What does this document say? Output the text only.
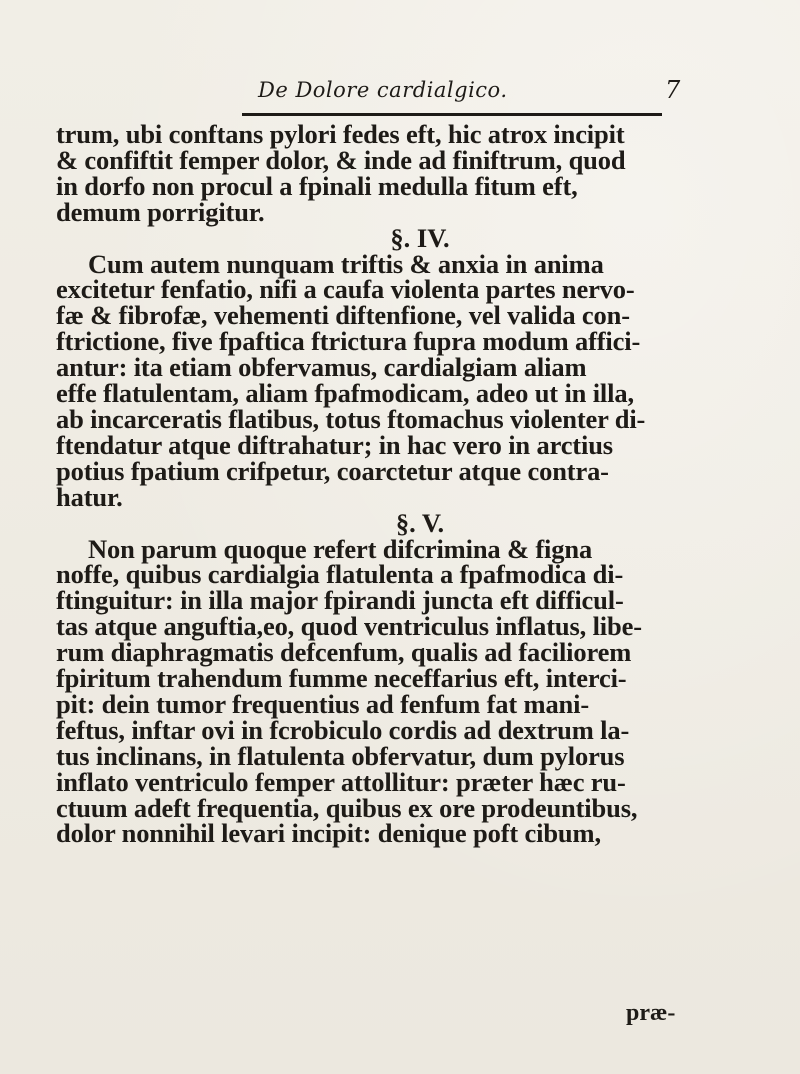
De Dolore cardialgico.	7
trum, ubi conftans pylori fedes eft, hic atrox incipit
& confiftit femper dolor, & inde ad finiftrum, quod
in dorfo non procul a fpinali medulla fitum eft,
demum porrigitur.
§. IV.
Cum autem nunquam triftis & anxia in anima
excitetur fenfatio, nifi a caufa violenta partes nervo-
fæ & fibrofæ, vehementi diftenfione, vel valida con-
ftrictione, five fpaftica ftrictura fupra modum affici-
antur: ita etiam obfervamus, cardialgiam aliam
effe flatulentam, aliam fpafmodicam, adeo ut in illa,
ab incarceratis flatibus, totus ftomachus violenter di-
ftendatur atque diftrahatur; in hac vero in arctius
potius fpatium crifpetur, coarctetur atque contra-
hatur.
§. V.
Non parum quoque refert difcrimina & figna
noffe, quibus cardialgia flatulenta a fpafmodica di-
ftinguitur: in illa major fpirandi juncta eft difficul-
tas atque anguftia,eo, quod ventriculus inflatus, libe-
rum diaphragmatis defcenfum, qualis ad faciliorem
fpiritum trahendum fumme neceffarius eft, interci-
pit: dein tumor frequentius ad fenfum fat mani-
feftus, inftar ovi in fcrobiculo cordis ad dextrum la-
tus inclinans, in flatulenta obfervatur, dum pylorus
inflato ventriculo femper attollitur: præter hæc ru-
ctuum adeft frequentia, quibus ex ore prodeuntibus,
dolor nonnihil levari incipit: denique poft cibum,
præ-
